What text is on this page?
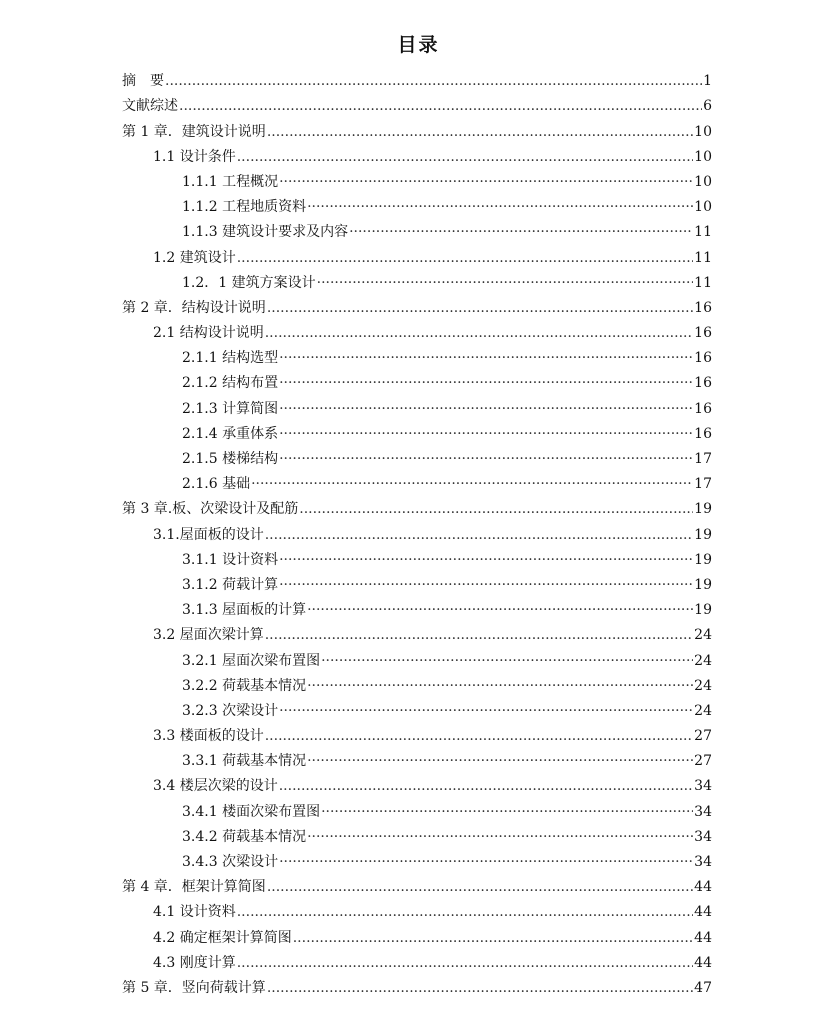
目录
摘　要 .....	1
文献综述 .....	6
第 1 章．建筑设计说明 .....	10
1.1 设计条件 .....	10
1.1.1 工程概况 ·····	10
1.1.2 工程地质资料 ·····	10
1.1.3 建筑设计要求及内容 ·····	11
1.2 建筑设计 .....	11
1.2．1 建筑方案设计 ·····	11
第 2 章．结构设计说明 .....	16
2.1 结构设计说明 .....	16
2.1.1 结构选型 ·····	16
2.1.2 结构布置 ·····	16
2.1.3 计算简图 ·····	16
2.1.4 承重体系 ·····	16
2.1.5 楼梯结构 ·····	17
2.1.6 基础 ·····	17
第 3 章.板、次梁设计及配筋 .....	19
3.1.屋面板的设计 .....	19
3.1.1 设计资料 ·····	19
3.1.2 荷载计算 ·····	19
3.1.3 屋面板的计算 ·····	19
3.2 屋面次梁计算 .....	24
3.2.1 屋面次梁布置图 ·····	24
3.2.2 荷载基本情况 ·····	24
3.2.3 次梁设计 ·····	24
3.3 楼面板的设计 .....	27
3.3.1 荷载基本情况 ·····	27
3.4 楼层次梁的设计 .....	34
3.4.1 楼面次梁布置图 ·····	34
3.4.2 荷载基本情况 ·····	34
3.4.3 次梁设计 ·····	34
第 4 章．框架计算简图 .....	44
4.1 设计资料 .....	44
4.2 确定框架计算简图 .....	44
4.3 刚度计算 .....	44
第 5 章．竖向荷载计算 .....	47
